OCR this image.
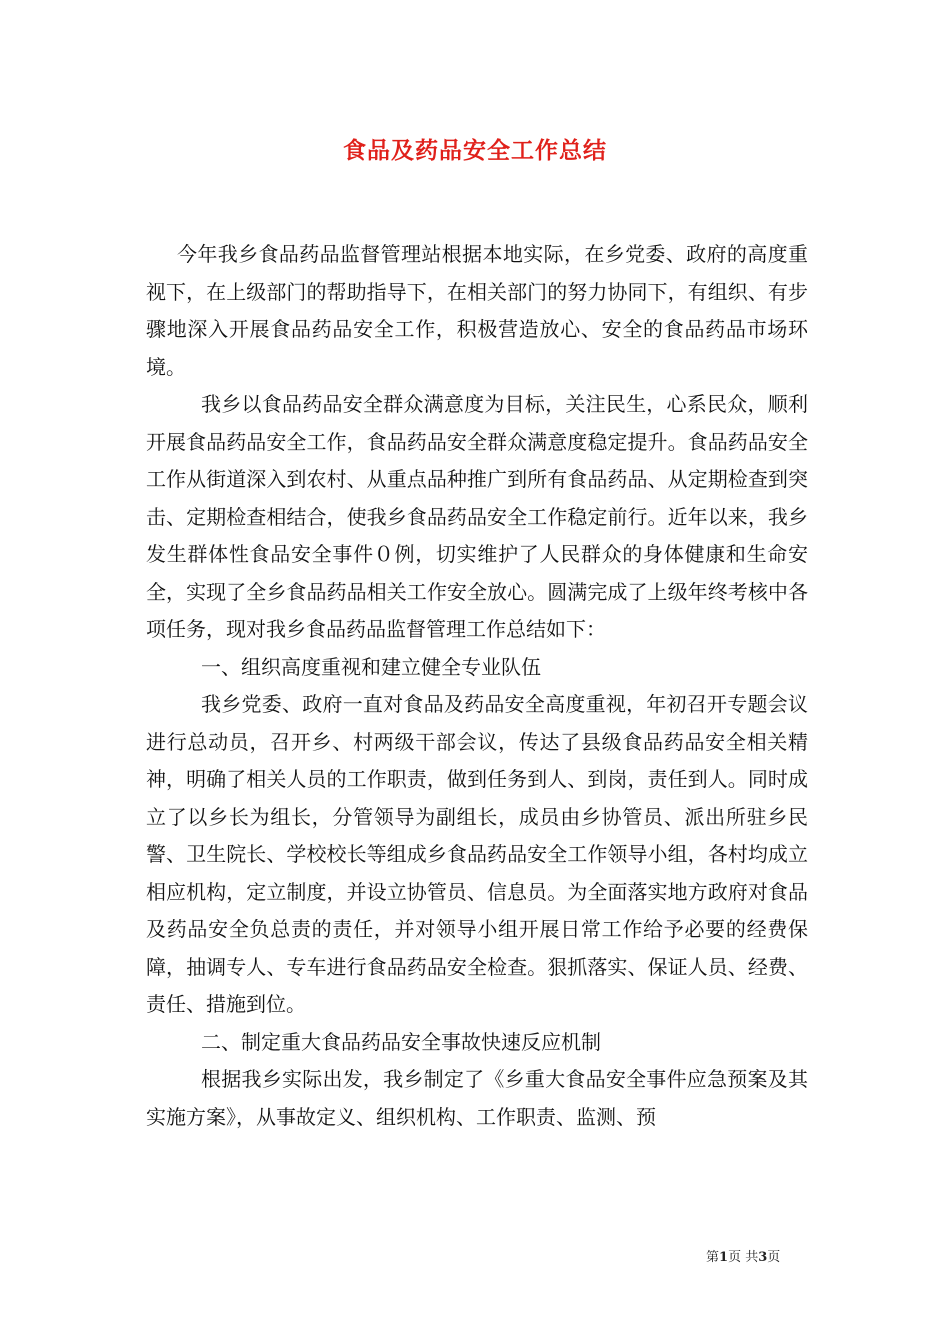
食品及药品安全工作总结

今年我乡食品药品监督管理站根据本地实际，在乡党委、政府的高度重视下，在上级部门的帮助指导下，在相关部门的努力协同下，有组织、有步骤地深入开展食品药品安全工作，积极营造放心、安全的食品药品市场环境。

我乡以食品药品安全群众满意度为目标，关注民生，心系民众，顺利开展食品药品安全工作，食品药品安全群众满意度稳定提升。食品药品安全工作从街道深入到农村、从重点品种推广到所有食品药品、从定期检查到突击、定期检查相结合，使我乡食品药品安全工作稳定前行。近年以来，我乡发生群体性食品安全事件０例，切实维护了人民群众的身体健康和生命安全，实现了全乡食品药品相关工作安全放心。圆满完成了上级年终考核中各项任务，现对我乡食品药品监督管理工作总结如下：

一、组织高度重视和建立健全专业队伍

我乡党委、政府一直对食品及药品安全高度重视，年初召开专题会议进行总动员，召开乡、村两级干部会议，传达了县级食品药品安全相关精神，明确了相关人员的工作职责，做到任务到人、到岗，责任到人。同时成立了以乡长为组长，分管领导为副组长，成员由乡协管员、派出所驻乡民警、卫生院长、学校校长等组成乡食品药品安全工作领导小组，各村均成立相应机构，定立制度，并设立协管员、信息员。为全面落实地方政府对食品及药品安全负总责的责任，并对领导小组开展日常工作给予必要的经费保障，抽调专人、专车进行食品药品安全检查。狠抓落实、保证人员、经费、责任、措施到位。

二、制定重大食品药品安全事故快速反应机制

根据我乡实际出发，我乡制定了《乡重大食品安全事件应急预案及其实施方案》，从事故定义、组织机构、工作职责、监测、预

第1页 共3页
